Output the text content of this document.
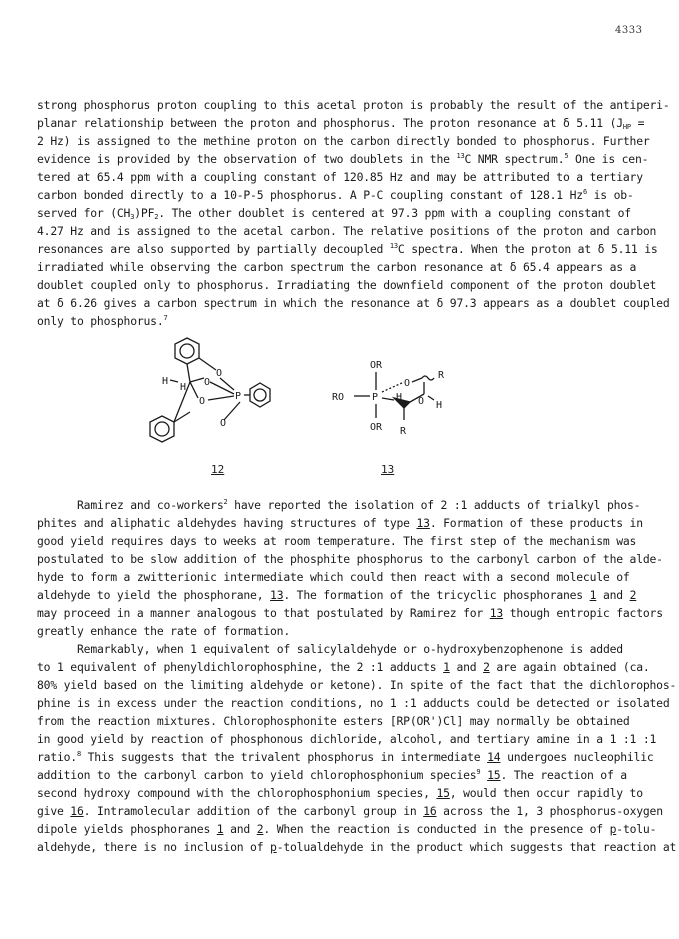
4333
strong phosphorus proton coupling to this acetal proton is probably the result of the antiperi-
planar relationship between the proton and phosphorus. The proton resonance at δ 5.11 ($J_{HP}$ =
2 Hz) is assigned to the methine proton on the carbon directly bonded to phosphorus. Further
evidence is provided by the observation of two doublets in the $^{13}$C NMR spectrum.$^5$ One is cen-
tered at 65.4 ppm with a coupling constant of 120.85 Hz and may be attributed to a tertiary
carbon bonded directly to a 10-P-5 phosphorus. A P-C coupling constant of 128.1 Hz$^6$ is ob-
served for $(CH_3)PF_2$. The other doublet is centered at 97.3 ppm with a coupling constant of
4.27 Hz and is assigned to the acetal carbon. The relative positions of the proton and carbon
resonances are also supported by partially decoupled $^{13}$C spectra. When the proton at δ 5.11 is
irradiated while observing the carbon spectrum the carbon resonance at δ 65.4 appears as a
doublet coupled only to phosphorus. Irradiating the downfield component of the proton doublet
at δ 6.26 gives a carbon spectrum in which the resonance at δ 97.3 appears as a doublet coupled
only to phosphorus.$^7$
O
O
O
O
P
H
H
OR
RO	P
O
O
R
H
H
OR R
12	13
Ramirez and co-workers$^2$ have reported the isolation of 2 :1 adducts of trialkyl phos-
phites and aliphatic aldehydes having structures of type 13. Formation of these products in
good yield requires days to weeks at room temperature. The first step of the mechanism was
postulated to be slow addition of the phosphite phosphorus to the carbonyl carbon of the alde-
hyde to form a zwitterionic intermediate which could then react with a second molecule of
aldehyde to yield the phosphorane, 13. The formation of the tricyclic phosphoranes 1 and 2
may proceed in a manner analogous to that postulated by Ramirez for 13 though entropic factors
greatly enhance the rate of formation.
Remarkably, when 1 equivalent of salicylaldehyde or o-hydroxybenzophenone is added
to 1 equivalent of phenyldichlorophosphine, the 2 :1 adducts 1 and 2 are again obtained (ca.
80% yield based on the limiting aldehyde or ketone). In spite of the fact that the dichlorophos-
phine is in excess under the reaction conditions, no 1 :1 adducts could be detected or isolated
from the reaction mixtures. Chlorophosphonite esters [RP(OR')Cl] may normally be obtained
in good yield by reaction of phosphonous dichloride, alcohol, and tertiary amine in a 1 :1 :1
ratio.$^8$ This suggests that the trivalent phosphorus in intermediate 14 undergoes nucleophilic
addition to the carbonyl carbon to yield chlorophosphonium species$^9$ 15. The reaction of a
second hydroxy compound with the chlorophosphonium species, 15, would then occur rapidly to
give 16. Intramolecular addition of the carbonyl group in 16 across the 1, 3 phosphorus-oxygen
dipole yields phosphoranes 1 and 2. When the reaction is conducted in the presence of p-tolu-
aldehyde, there is no inclusion of p-tolualdehyde in the product which suggests that reaction at
